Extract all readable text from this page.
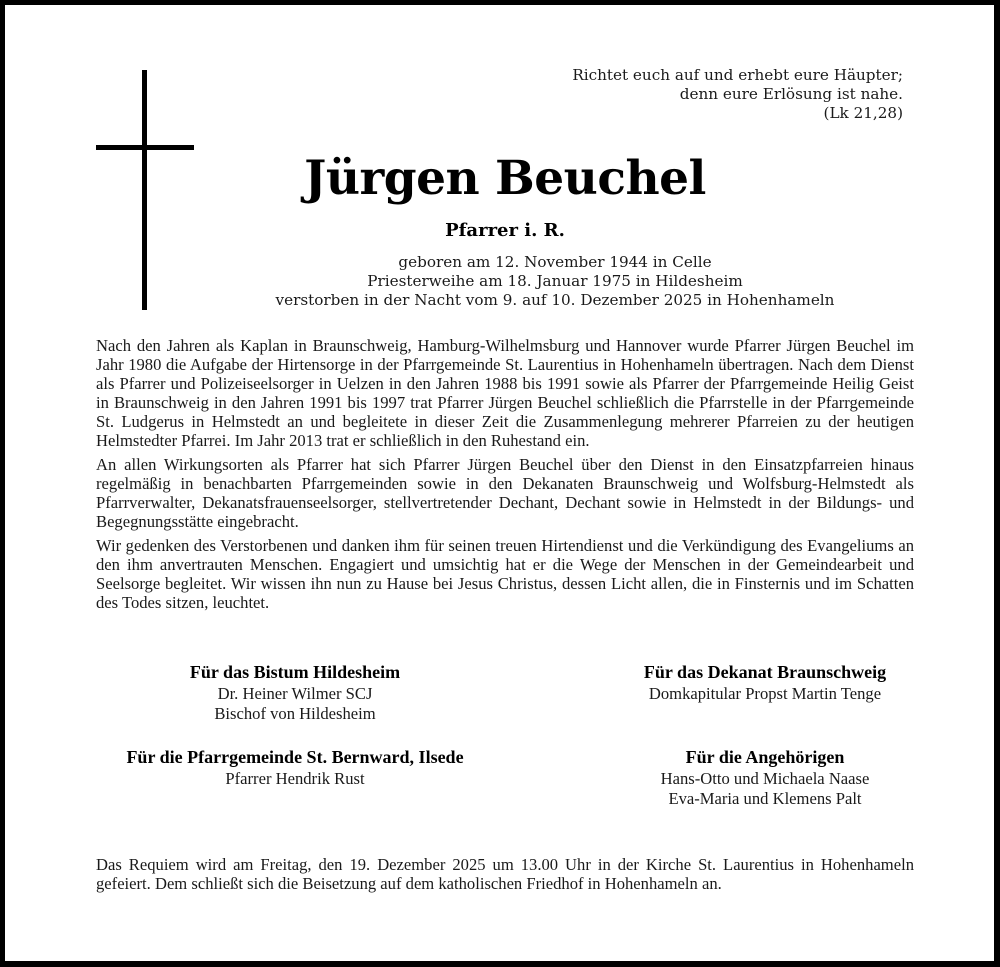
Richtet euch auf und erhebt eure Häupter;
denn eure Erlösung ist nahe.
(Lk 21,28)
Jürgen Beuchel
Pfarrer i. R.
geboren am 12. November 1944 in Celle
Priesterweihe am 18. Januar 1975 in Hildesheim
verstorben in der Nacht vom 9. auf 10. Dezember 2025 in Hohenhameln

Nach den Jahren als Kaplan in Braunschweig, Hamburg-Wilhelmsburg und Hannover wurde Pfarrer Jürgen Beuchel im Jahr 1980 die Aufgabe der Hirtensorge in der Pfarrgemeinde St. Laurentius in Hohenhameln übertragen. Nach dem Dienst als Pfarrer und Polizeiseelsorger in Uelzen in den Jahren 1988 bis 1991 sowie als Pfarrer der Pfarrgemeinde Heilig Geist in Braunschweig in den Jahren 1991 bis 1997 trat Pfarrer Jürgen Beuchel schließlich die Pfarrstelle in der Pfarrgemeinde St. Ludgerus in Helmstedt an und begleitete in dieser Zeit die Zusammenlegung mehrerer Pfarreien zu der heutigen Helmstedter Pfarrei. Im Jahr 2013 trat er schließlich in den Ruhestand ein.

An allen Wirkungsorten als Pfarrer hat sich Pfarrer Jürgen Beuchel über den Dienst in den Einsatzpfarreien hinaus regelmäßig in benachbarten Pfarrgemeinden sowie in den Dekanaten Braunschweig und Wolfsburg-Helmstedt als Pfarrverwalter, Dekanatsfrauenseelsorger, stellvertretender Dechant, Dechant sowie in Helmstedt in der Bildungs- und Begegnungsstätte eingebracht.

Wir gedenken des Verstorbenen und danken ihm für seinen treuen Hirtendienst und die Verkündigung des Evangeliums an den ihm anvertrauten Menschen. Engagiert und umsichtig hat er die Wege der Menschen in der Gemeindearbeit und Seelsorge begleitet. Wir wissen ihn nun zu Hause bei Jesus Christus, dessen Licht allen, die in Finsternis und im Schatten des Todes sitzen, leuchtet.

Für das Bistum Hildesheim
Dr. Heiner Wilmer SCJ
Bischof von Hildesheim
Für das Dekanat Braunschweig
Domkapitular Propst Martin Tenge
Für die Pfarrgemeinde St. Bernward, Ilsede
Pfarrer Hendrik Rust
Für die Angehörigen
Hans-Otto und Michaela Naase
Eva-Maria und Klemens Palt
Das Requiem wird am Freitag, den 19. Dezember 2025 um 13.00 Uhr in der Kirche St. Laurentius in Hohenhameln gefeiert. Dem schließt sich die Beisetzung auf dem katholischen Friedhof in Hohenhameln an.
